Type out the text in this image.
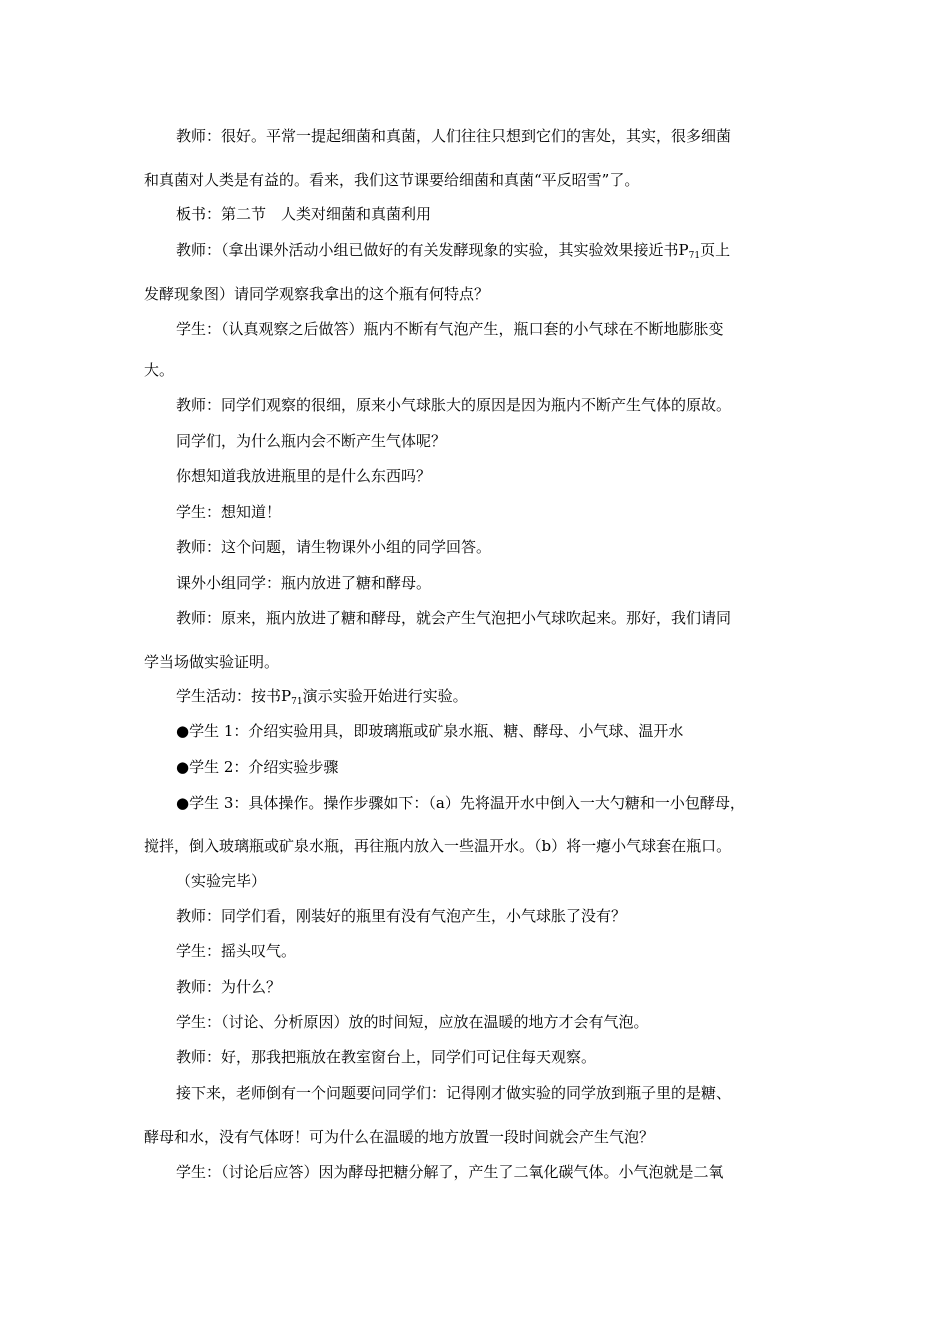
教师：很好。平常一提起细菌和真菌，人们往往只想到它们的害处，其实，很多细菌
和真菌对人类是有益的。看来，我们这节课要给细菌和真菌“平反昭雪”了。
板书：第二节　人类对细菌和真菌利用
教师：（拿出课外活动小组已做好的有关发酵现象的实验，其实验效果接近书$P_{71}$页上
发酵现象图）请同学观察我拿出的这个瓶有何特点？
学生：（认真观察之后做答）瓶内不断有气泡产生，瓶口套的小气球在不断地膨胀变
大。
教师：同学们观察的很细，原来小气球胀大的原因是因为瓶内不断产生气体的原故。
同学们，为什么瓶内会不断产生气体呢？
你想知道我放进瓶里的是什么东西吗？
学生：想知道！
教师：这个问题，请生物课外小组的同学回答。
课外小组同学：瓶内放进了糖和酵母。
教师：原来，瓶内放进了糖和酵母，就会产生气泡把小气球吹起来。那好，我们请同
学当场做实验证明。
学生活动：按书$P_{71}$演示实验开始进行实验。
●学生 1：介绍实验用具，即玻璃瓶或矿泉水瓶、糖、酵母、小气球、温开水
●学生 2：介绍实验步骤
●学生 3：具体操作。操作步骤如下：（a）先将温开水中倒入一大勺糖和一小包酵母，
搅拌，倒入玻璃瓶或矿泉水瓶，再往瓶内放入一些温开水。（b）将一瘪小气球套在瓶口。
（实验完毕）
教师：同学们看，刚装好的瓶里有没有气泡产生，小气球胀了没有？
学生：摇头叹气。
教师：为什么？
学生：（讨论、分析原因）放的时间短，应放在温暖的地方才会有气泡。
教师：好，那我把瓶放在教室窗台上，同学们可记住每天观察。
接下来，老师倒有一个问题要问同学们：记得刚才做实验的同学放到瓶子里的是糖、
酵母和水，没有气体呀！可为什么在温暖的地方放置一段时间就会产生气泡？
学生：（讨论后应答）因为酵母把糖分解了，产生了二氧化碳气体。小气泡就是二氧
